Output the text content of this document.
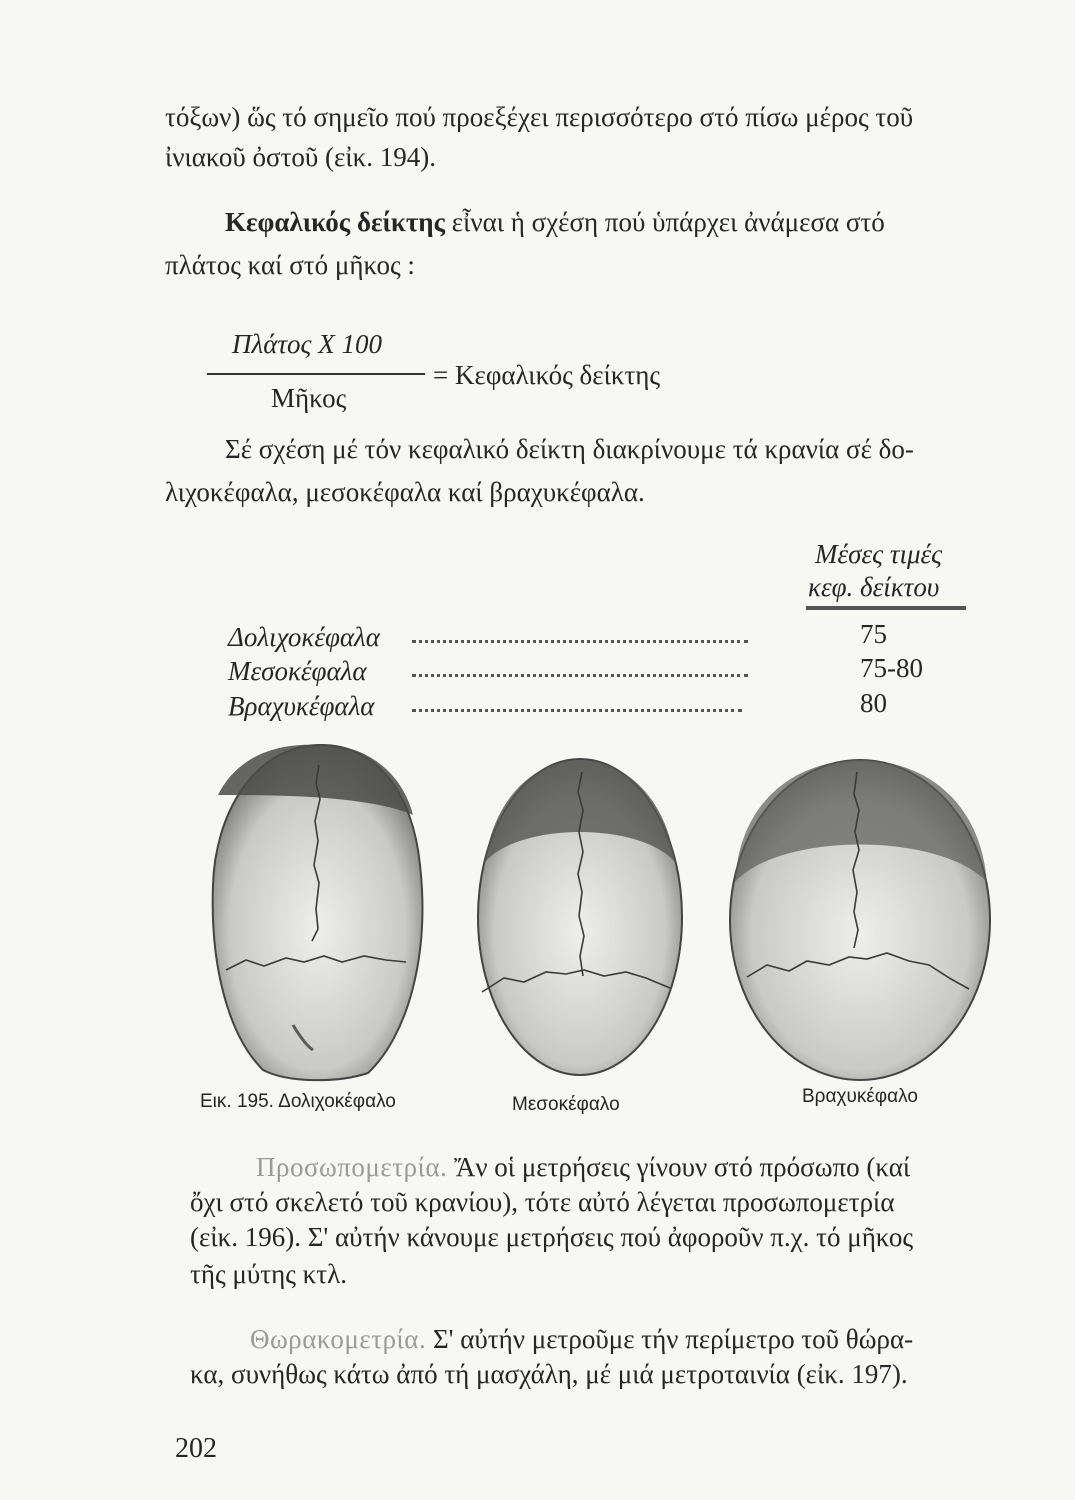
τόξων) ὥς τό σημεῖο πού προεξέχει περισσότερο στό πίσω μέρος τοῦ
ἰνιακοῦ ὀστοῦ (εἰκ. 194).
Κεφαλικός δείκτης εἶναι ἡ σχέση πού ὑπάρχει ἀνάμεσα στό
πλάτος καί στό μῆκος :
Πλάτος X 100
= Κεφαλικός δείκτης
Μῆκος
Σέ σχέση μέ τόν κεφαλικό δείκτη διακρίνουμε τά κρανία σέ δο-
λιχοκέφαλα, μεσοκέφαλα καί βραχυκέφαλα.
Μέσες τιμές
κεφ. δείκτου
Δολιχοκέφαλα	75
Μεσοκέφαλα	75-80
Βραχυκέφαλα	80
Εικ. 195. Δολιχοκέφαλο	Μεσοκέφαλο	Βραχυκέφαλο
Προσωπομετρία. Ἄν οἱ μετρήσεις γίνουν στό πρόσωπο (καί
ὄχι στό σκελετό τοῦ κρανίου), τότε αὐτό λέγεται προσωπομετρία
(εἰκ. 196). Σ' αὐτήν κάνουμε μετρήσεις πού ἀφοροῦν π.χ. τό μῆκος
τῆς μύτης κτλ.
Θωρακομετρία. Σ' αὐτήν μετροῦμε τήν περίμετρο τοῦ θώρα-
κα, συνήθως κάτω ἀπό τή μασχάλη, μέ μιά μετροταινία (εἰκ. 197).
202
